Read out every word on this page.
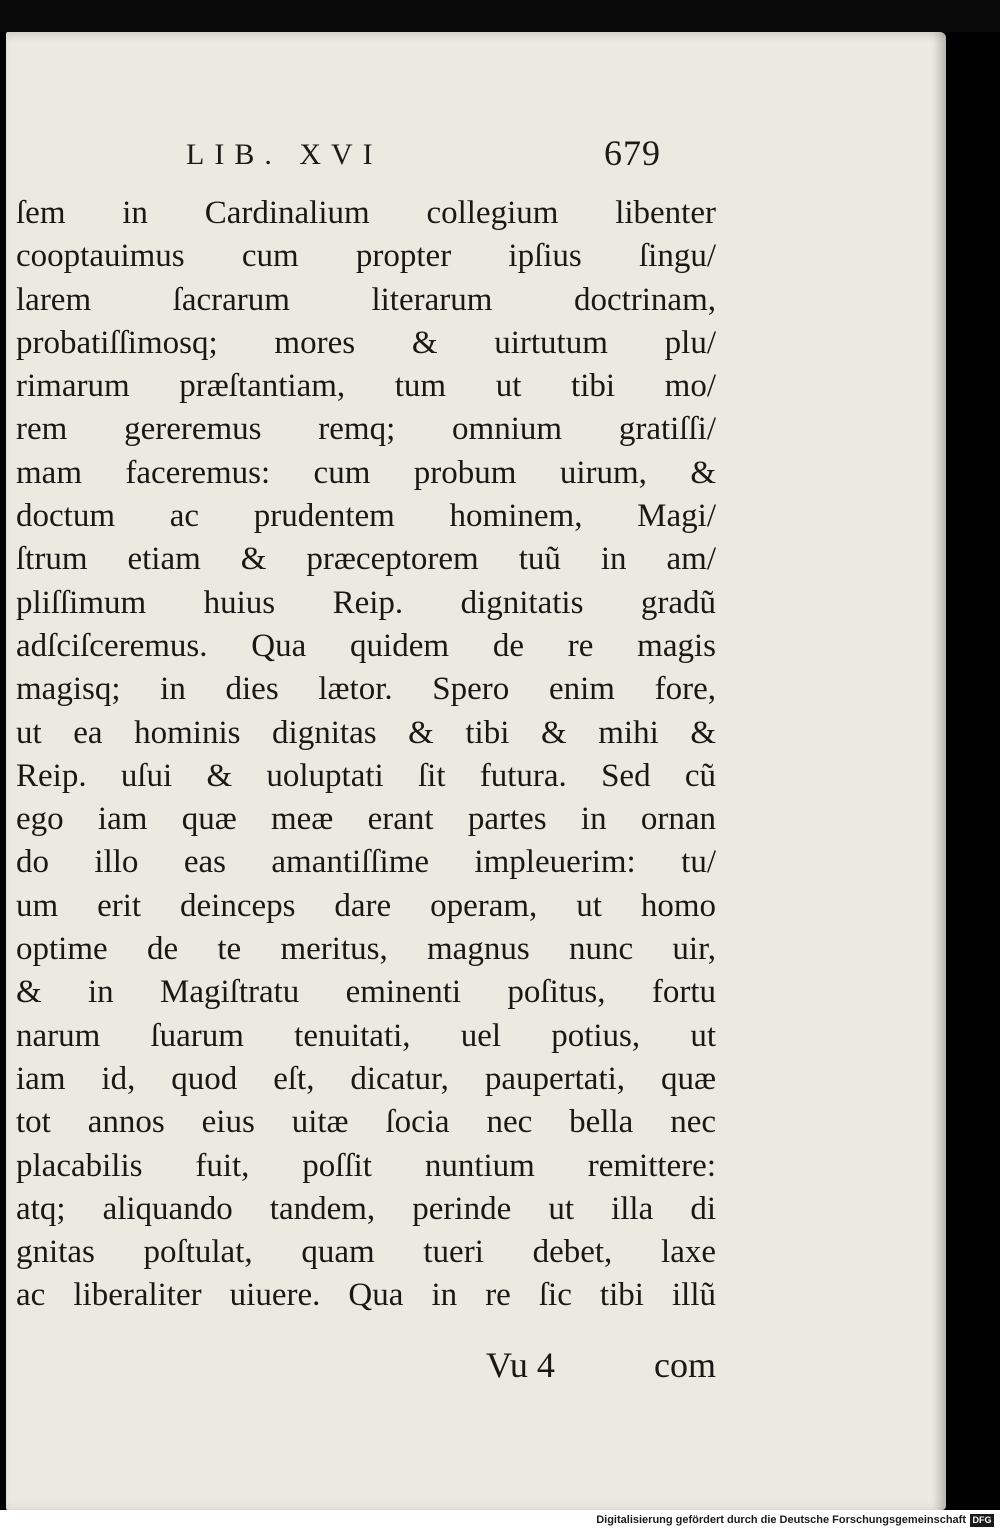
LIB. XVI	679
ſem in Cardinalium collegium libenter
cooptauimus cum propter ipſius ſingu/
larem ſacrarum literarum doctrinam,
probatiſſimosq; mores & uirtutum plu/
rimarum præſtantiam, tum ut tibi mo/
rem gereremus remq; omnium gratiſſi/
mam faceremus: cum probum uirum, &
doctum ac prudentem hominem, Magi/
ſtrum etiam & præceptorem tuũ in am/
pliſſimum huius Reip. dignitatis gradũ
adſciſceremus. Qua quidem de re magis
magisq; in dies lætor. Spero enim fore,
ut ea hominis dignitas & tibi & mihi &
Reip. uſui & uoluptati ſit futura. Sed cũ
ego iam quæ meæ erant partes in ornan
do illo eas amantiſſime impleuerim: tu/
um erit deinceps dare operam, ut homo
optime de te meritus, magnus nunc uir,
& in Magiſtratu eminenti poſitus, fortu
narum ſuarum tenuitati, uel potius, ut
iam id, quod eſt, dicatur, paupertati, quæ
tot annos eius uitæ ſocia nec bella nec
placabilis fuit, poſſit nuntium remittere:
atq; aliquando tandem, perinde ut illa di
gnitas poſtulat, quam tueri debet, laxe
ac liberaliter uiuere. Qua in re ſic tibi illũ
Vu 4	com
Digitalisierung gefördert durch die Deutsche Forschungsgemeinschaft DFG
